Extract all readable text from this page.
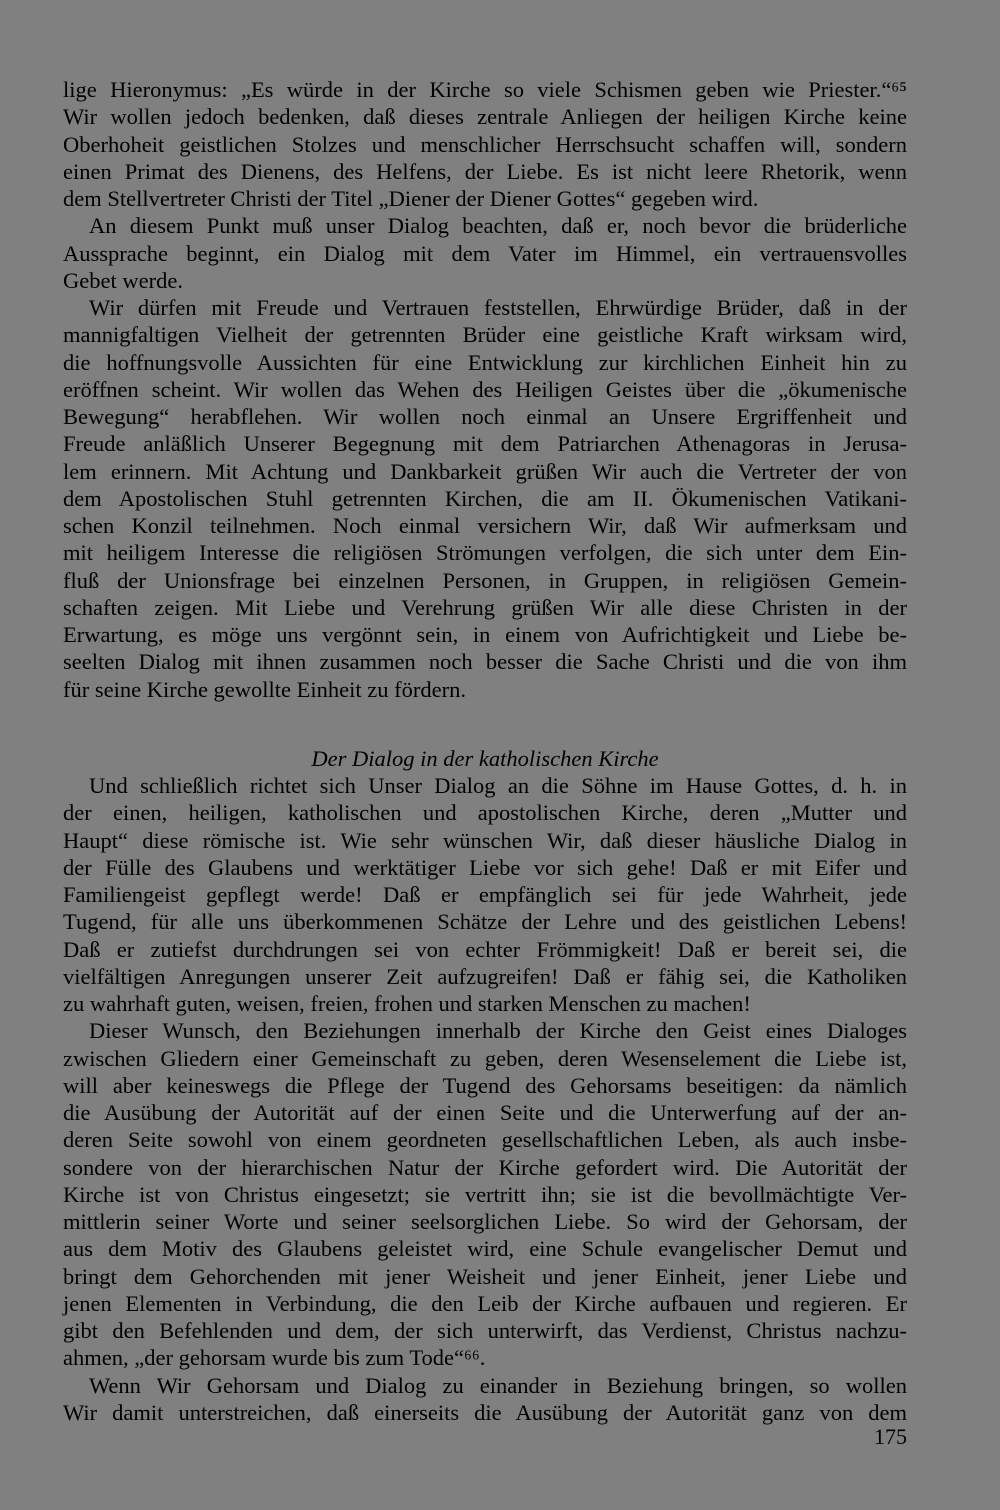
lige Hieronymus: „Es würde in der Kirche so viele Schismen geben wie Priester.“⁶⁵
Wir wollen jedoch bedenken, daß dieses zentrale Anliegen der heiligen Kirche keine
Oberhoheit geistlichen Stolzes und menschlicher Herrschsucht schaffen will, sondern
einen Primat des Dienens, des Helfens, der Liebe. Es ist nicht leere Rhetorik, wenn
dem Stellvertreter Christi der Titel „Diener der Diener Gottes“ gegeben wird.
An diesem Punkt muß unser Dialog beachten, daß er, noch bevor die brüderliche
Aussprache beginnt, ein Dialog mit dem Vater im Himmel, ein vertrauensvolles
Gebet werde.
Wir dürfen mit Freude und Vertrauen feststellen, Ehrwürdige Brüder, daß in der
mannigfaltigen Vielheit der getrennten Brüder eine geistliche Kraft wirksam wird,
die hoffnungsvolle Aussichten für eine Entwicklung zur kirchlichen Einheit hin zu
eröffnen scheint. Wir wollen das Wehen des Heiligen Geistes über die „ökumenische
Bewegung“ herabflehen. Wir wollen noch einmal an Unsere Ergriffenheit und
Freude anläßlich Unserer Begegnung mit dem Patriarchen Athenagoras in Jerusa-
lem erinnern. Mit Achtung und Dankbarkeit grüßen Wir auch die Vertreter der von
dem Apostolischen Stuhl getrennten Kirchen, die am II. Ökumenischen Vatikani-
schen Konzil teilnehmen. Noch einmal versichern Wir, daß Wir aufmerksam und
mit heiligem Interesse die religiösen Strömungen verfolgen, die sich unter dem Ein-
fluß der Unionsfrage bei einzelnen Personen, in Gruppen, in religiösen Gemein-
schaften zeigen. Mit Liebe und Verehrung grüßen Wir alle diese Christen in der
Erwartung, es möge uns vergönnt sein, in einem von Aufrichtigkeit und Liebe be-
seelten Dialog mit ihnen zusammen noch besser die Sache Christi und die von ihm
für seine Kirche gewollte Einheit zu fördern.
Der Dialog in der katholischen Kirche
Und schließlich richtet sich Unser Dialog an die Söhne im Hause Gottes, d. h. in
der einen, heiligen, katholischen und apostolischen Kirche, deren „Mutter und
Haupt“ diese römische ist. Wie sehr wünschen Wir, daß dieser häusliche Dialog in
der Fülle des Glaubens und werktätiger Liebe vor sich gehe! Daß er mit Eifer und
Familiengeist gepflegt werde! Daß er empfänglich sei für jede Wahrheit, jede
Tugend, für alle uns überkommenen Schätze der Lehre und des geistlichen Lebens!
Daß er zutiefst durchdrungen sei von echter Frömmigkeit! Daß er bereit sei, die
vielfältigen Anregungen unserer Zeit aufzugreifen! Daß er fähig sei, die Katholiken
zu wahrhaft guten, weisen, freien, frohen und starken Menschen zu machen!
Dieser Wunsch, den Beziehungen innerhalb der Kirche den Geist eines Dialoges
zwischen Gliedern einer Gemeinschaft zu geben, deren Wesenselement die Liebe ist,
will aber keineswegs die Pflege der Tugend des Gehorsams beseitigen: da nämlich
die Ausübung der Autorität auf der einen Seite und die Unterwerfung auf der an-
deren Seite sowohl von einem geordneten gesellschaftlichen Leben, als auch insbe-
sondere von der hierarchischen Natur der Kirche gefordert wird. Die Autorität der
Kirche ist von Christus eingesetzt; sie vertritt ihn; sie ist die bevollmächtigte Ver-
mittlerin seiner Worte und seiner seelsorglichen Liebe. So wird der Gehorsam, der
aus dem Motiv des Glaubens geleistet wird, eine Schule evangelischer Demut und
bringt dem Gehorchenden mit jener Weisheit und jener Einheit, jener Liebe und
jenen Elementen in Verbindung, die den Leib der Kirche aufbauen und regieren. Er
gibt den Befehlenden und dem, der sich unterwirft, das Verdienst, Christus nachzu-
ahmen, „der gehorsam wurde bis zum Tode“⁶⁶.
Wenn Wir Gehorsam und Dialog zu einander in Beziehung bringen, so wollen
Wir damit unterstreichen, daß einerseits die Ausübung der Autorität ganz von dem
175
